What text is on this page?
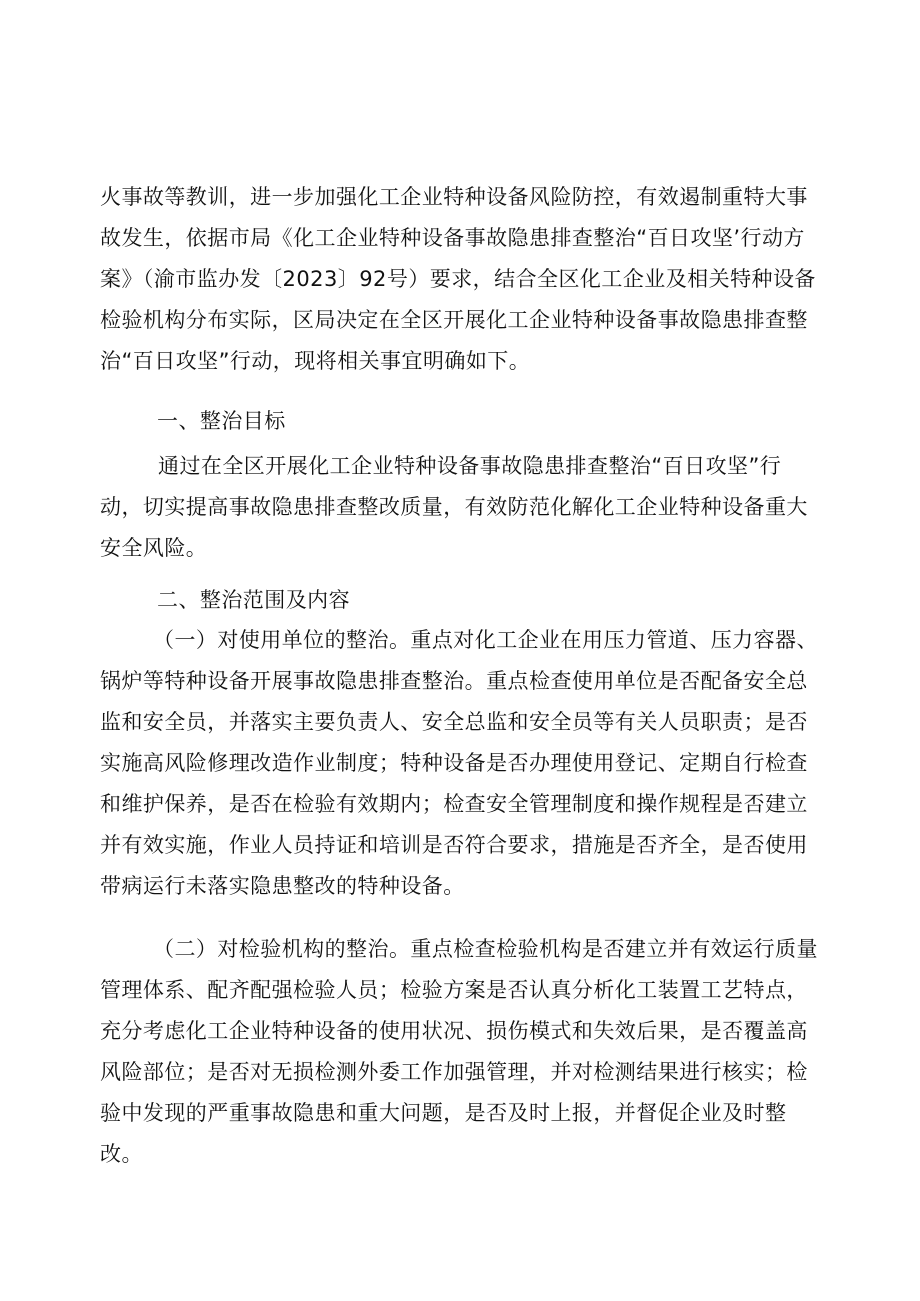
火事故等教训，进一步加强化工企业特种设备风险防控，有效遏制重特大事故发生，依据市局《化工企业特种设备事故隐患排查整治“百日攻坚’行动方案》（渝市监办发〔2023〕92号）要求，结合全区化工企业及相关特种设备检验机构分布实际，区局决定在全区开展化工企业特种设备事故隐患排查整治“百日攻坚”行动，现将相关事宜明确如下。
一、整治目标
通过在全区开展化工企业特种设备事故隐患排查整治“百日攻坚”行动，切实提高事故隐患排查整改质量，有效防范化解化工企业特种设备重大安全风险。
二、整治范围及内容
（一）对使用单位的整治。重点对化工企业在用压力管道、压力容器、锅炉等特种设备开展事故隐患排查整治。重点检查使用单位是否配备安全总监和安全员，并落实主要负责人、安全总监和安全员等有关人员职责；是否实施高风险修理改造作业制度；特种设备是否办理使用登记、定期自行检查和维护保养，是否在检验有效期内；检查安全管理制度和操作规程是否建立并有效实施，作业人员持证和培训是否符合要求，措施是否齐全，是否使用带病运行未落实隐患整改的特种设备。
（二）对检验机构的整治。重点检查检验机构是否建立并有效运行质量管理体系、配齐配强检验人员；检验方案是否认真分析化工装置工艺特点，充分考虑化工企业特种设备的使用状况、损伤模式和失效后果，是否覆盖高风险部位；是否对无损检测外委工作加强管理，并对检测结果进行核实；检验中发现的严重事故隐患和重大问题，是否及时上报，并督促企业及时整改。
